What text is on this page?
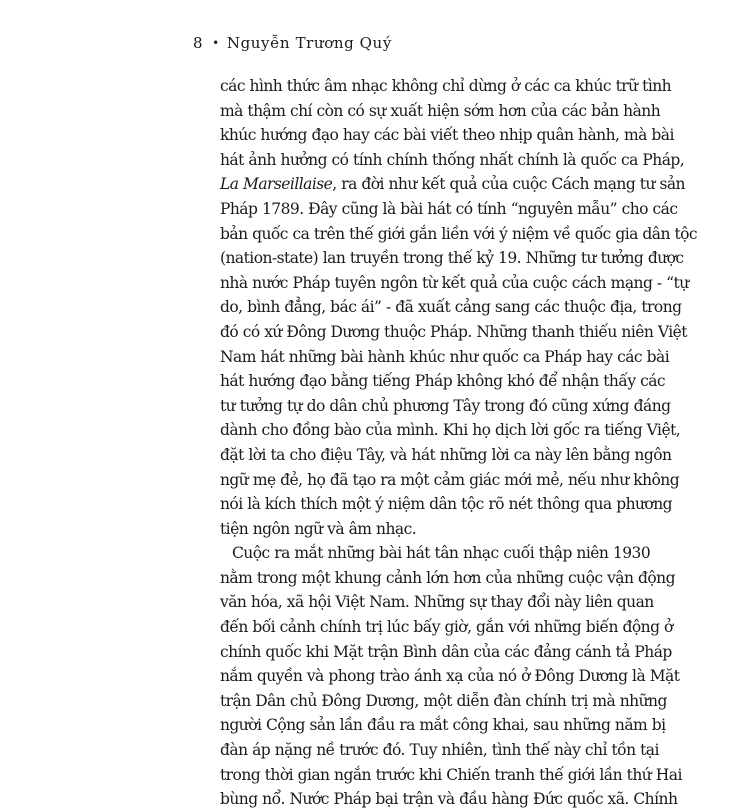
8 • Nguyễn Trương Quý
các hình thức âm nhạc không chỉ dừng ở các ca khúc trữ tình
mà thậm chí còn có sự xuất hiện sớm hơn của các bản hành
khúc hướng đạo hay các bài viết theo nhịp quân hành, mà bài
hát ảnh hưởng có tính chính thống nhất chính là quốc ca Pháp,
La Marseillaise, ra đời như kết quả của cuộc Cách mạng tư sản
Pháp 1789. Đây cũng là bài hát có tính “nguyên mẫu” cho các
bản quốc ca trên thế giới gắn liền với ý niệm về quốc gia dân tộc
(nation-state) lan truyền trong thế kỷ 19. Những tư tưởng được
nhà nước Pháp tuyên ngôn từ kết quả của cuộc cách mạng - “tự
do, bình đẳng, bác ái” - đã xuất cảng sang các thuộc địa, trong
đó có xứ Đông Dương thuộc Pháp. Những thanh thiếu niên Việt
Nam hát những bài hành khúc như quốc ca Pháp hay các bài
hát hướng đạo bằng tiếng Pháp không khó để nhận thấy các
tư tưởng tự do dân chủ phương Tây trong đó cũng xứng đáng
dành cho đồng bào của mình. Khi họ dịch lời gốc ra tiếng Việt,
đặt lời ta cho điệu Tây, và hát những lời ca này lên bằng ngôn
ngữ mẹ đẻ, họ đã tạo ra một cảm giác mới mẻ, nếu như không
nói là kích thích một ý niệm dân tộc rõ nét thông qua phương
tiện ngôn ngữ và âm nhạc.
Cuộc ra mắt những bài hát tân nhạc cuối thập niên 1930
nằm trong một khung cảnh lớn hơn của những cuộc vận động
văn hóa, xã hội Việt Nam. Những sự thay đổi này liên quan
đến bối cảnh chính trị lúc bấy giờ, gắn với những biến động ở
chính quốc khi Mặt trận Bình dân của các đảng cánh tả Pháp
nắm quyền và phong trào ánh xạ của nó ở Đông Dương là Mặt
trận Dân chủ Đông Dương, một diễn đàn chính trị mà những
người Cộng sản lần đầu ra mắt công khai, sau những năm bị
đàn áp nặng nề trước đó. Tuy nhiên, tình thế này chỉ tồn tại
trong thời gian ngắn trước khi Chiến tranh thế giới lần thứ Hai
bùng nổ. Nước Pháp bại trận và đầu hàng Đức quốc xã. Chính
